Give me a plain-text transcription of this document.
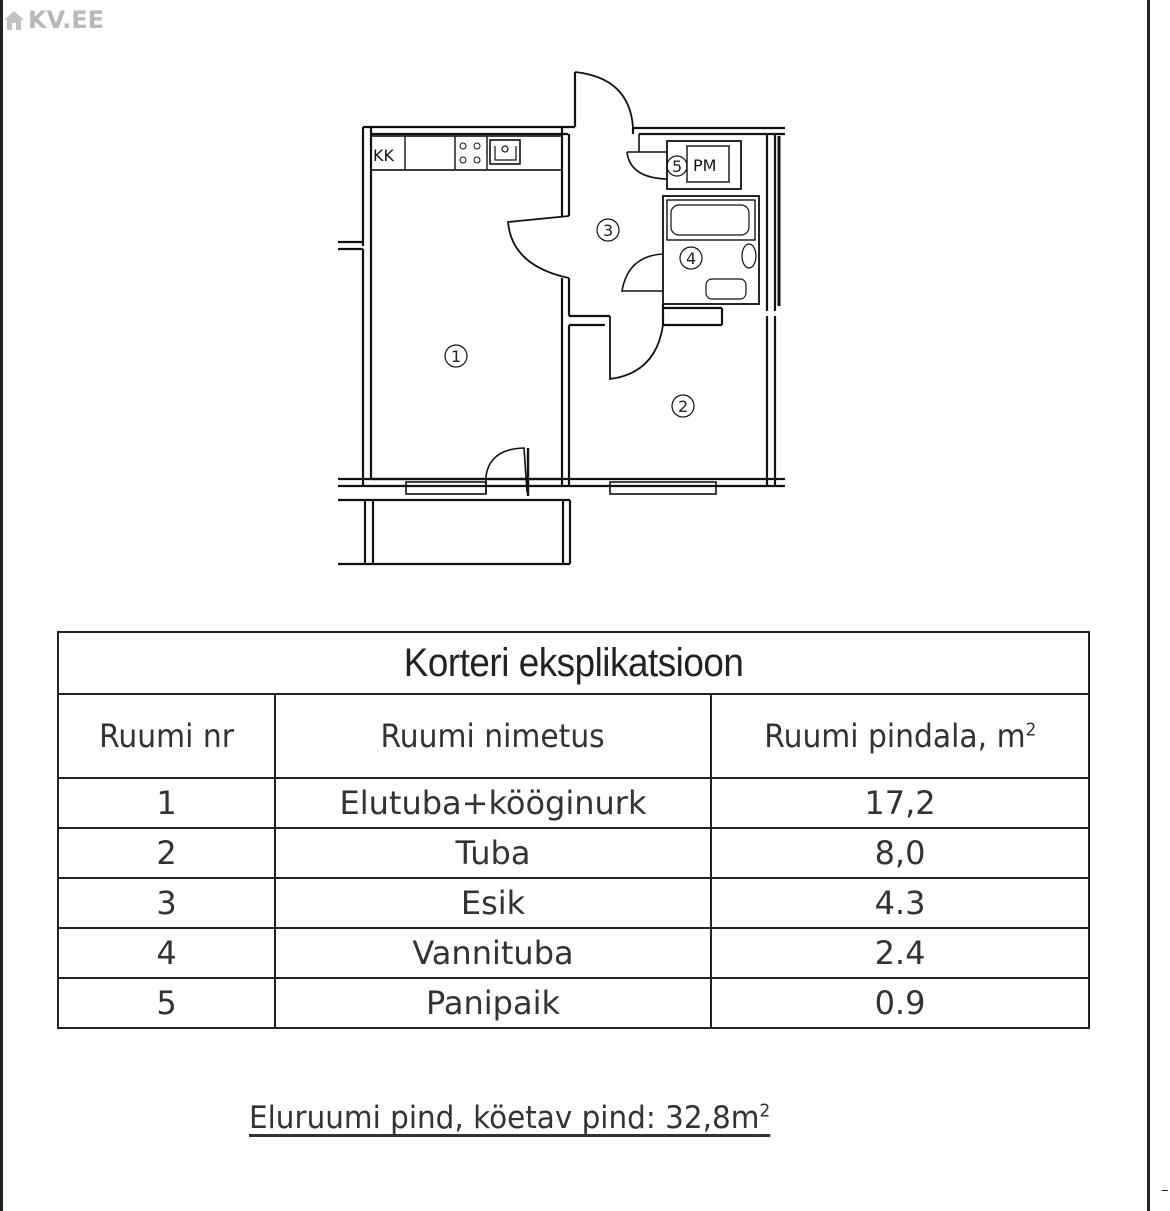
KV.EE
KK
PM
1
2
3
4
5
Korteri eksplikatsioon		
Ruumi nr	Ruumi nimetus	Ruumi pindala, $m^2$
1	Elutuba+kööginurk	17,2
2	Tuba	8,0
3	Esik	4.3
4	Vannituba	2.4
5	Panipaik	0.9
Eluruumi pind, köetav pind: $32,8m^2$
